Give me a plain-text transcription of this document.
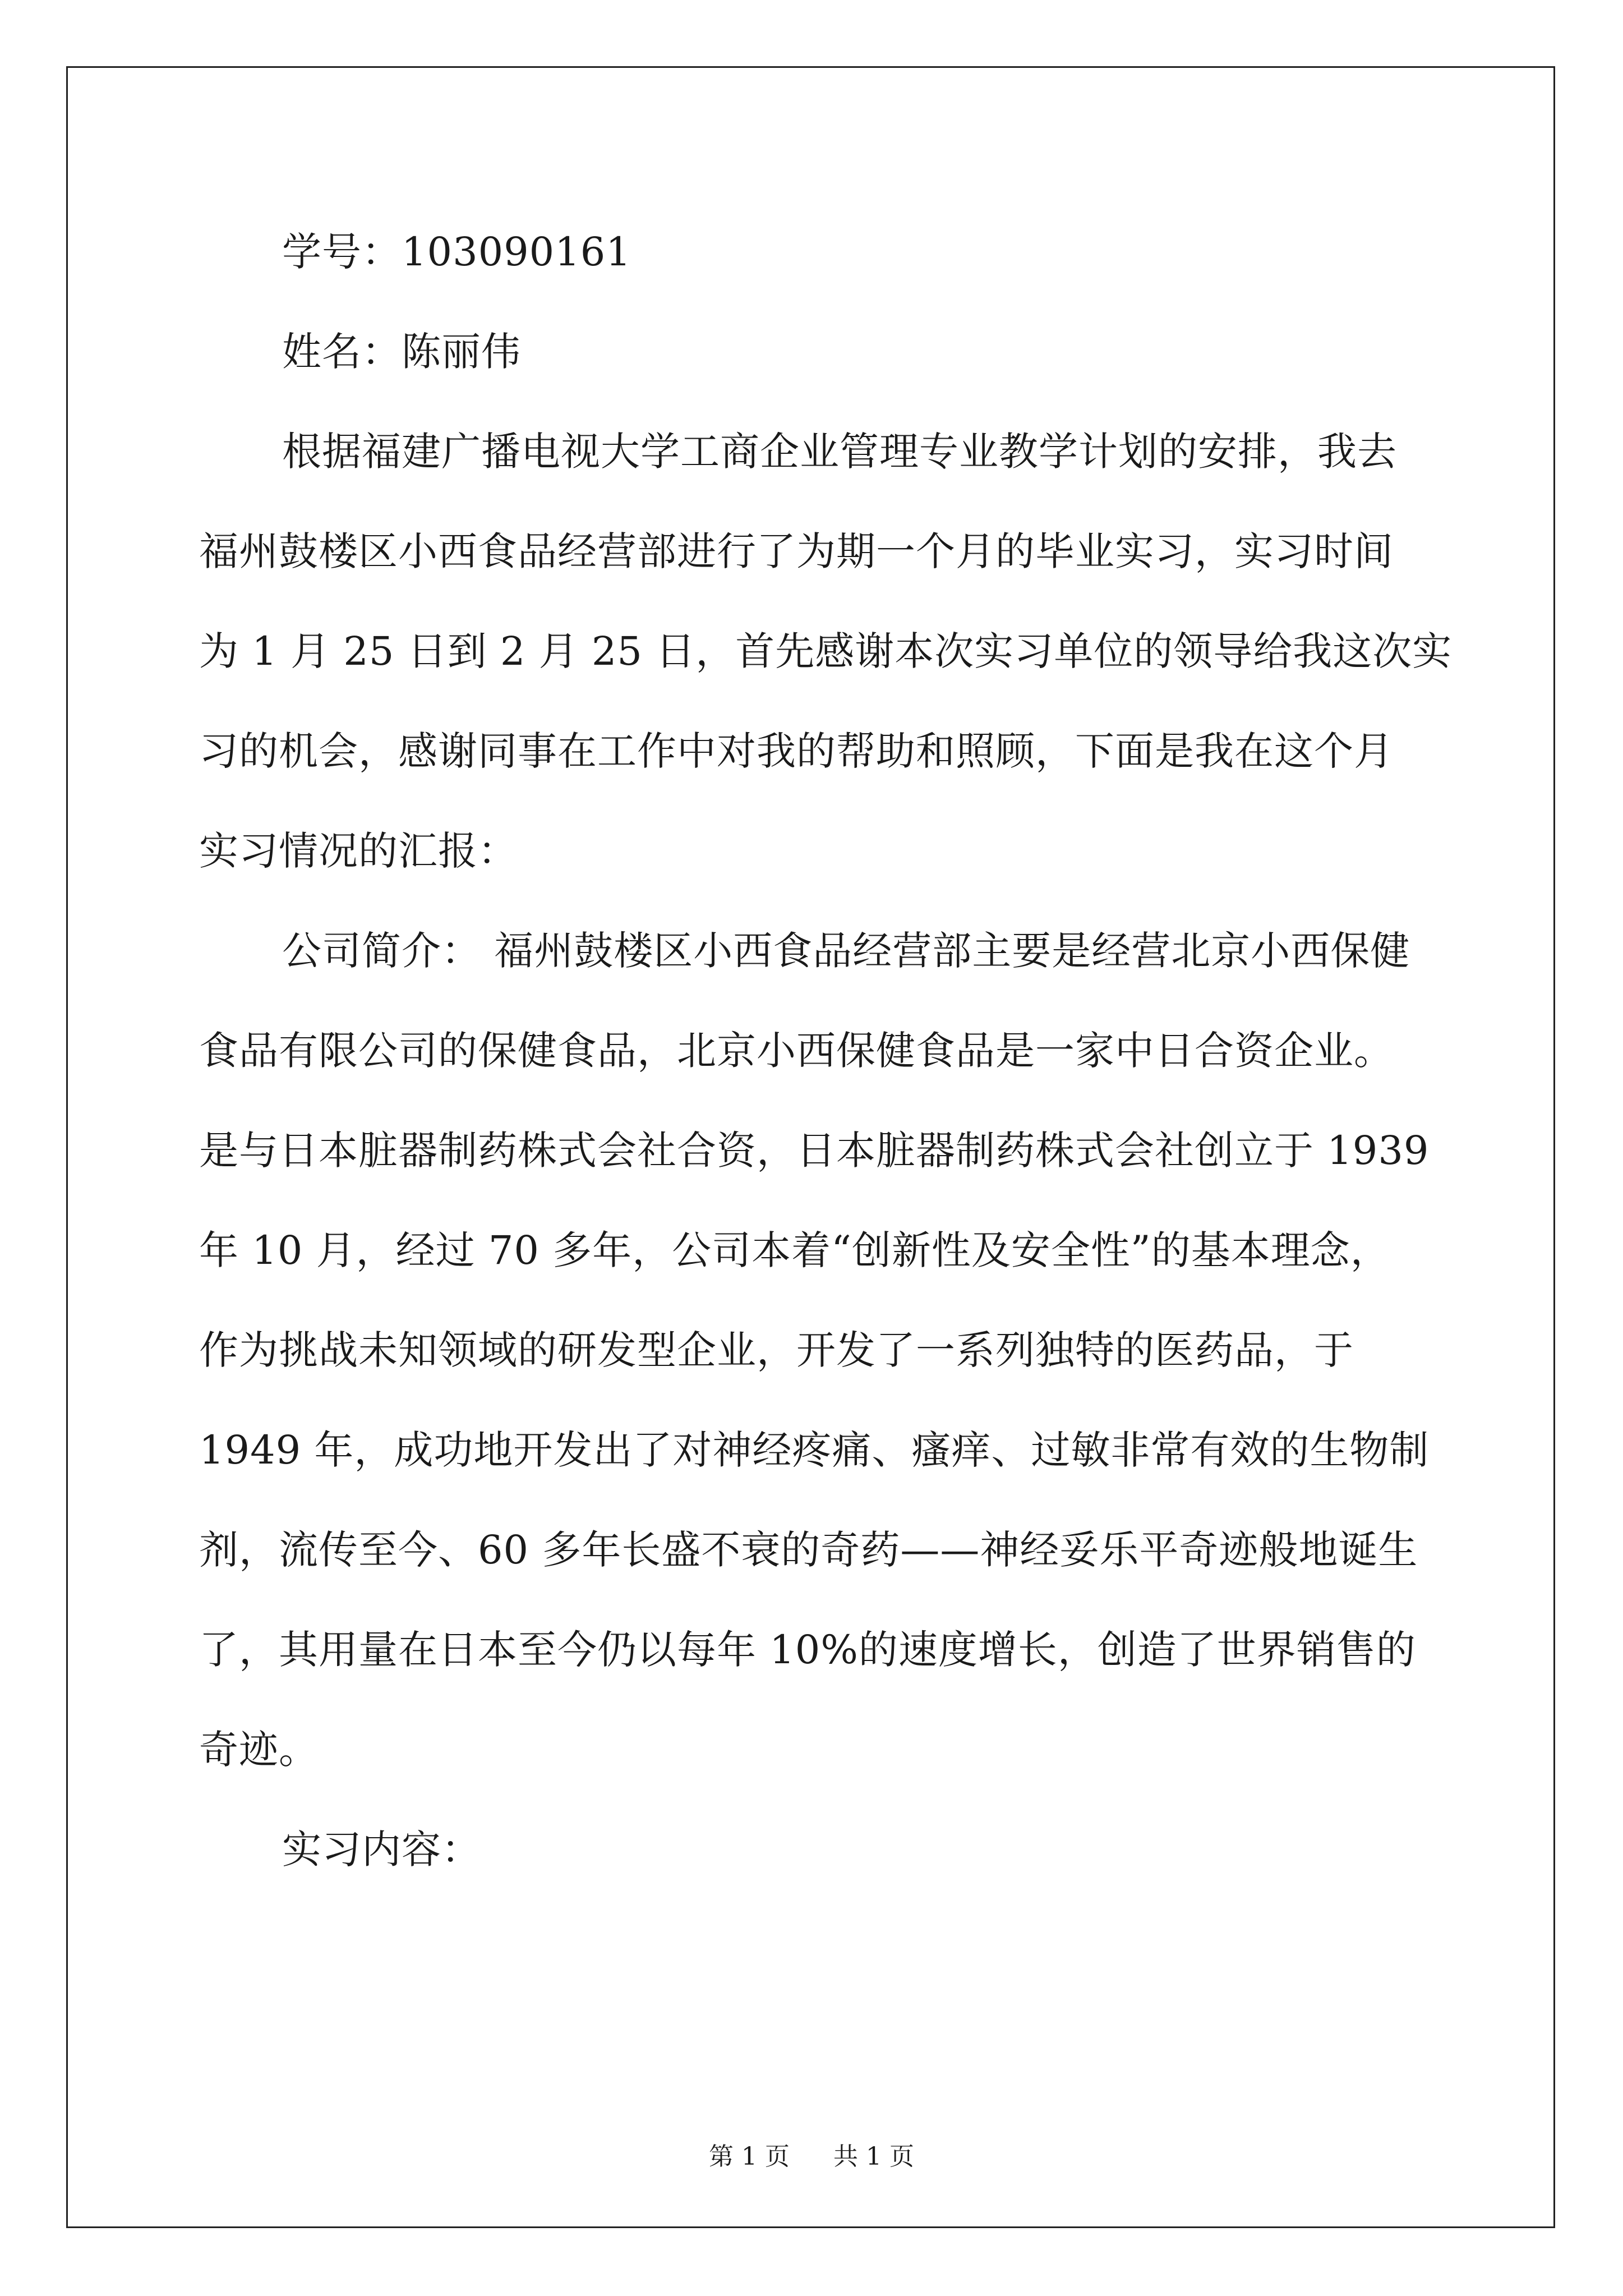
学号：103090161
姓名：陈丽伟
根据福建广播电视大学工商企业管理专业教学计划的安排，我去
福州鼓楼区小西食品经营部进行了为期一个月的毕业实习，实习时间
为 1 月 25 日到 2 月 25 日，首先感谢本次实习单位的领导给我这次实
习的机会，感谢同事在工作中对我的帮助和照顾，下面是我在这个月
实习情况的汇报：
公司简介： 福州鼓楼区小西食品经营部主要是经营北京小西保健
食品有限公司的保健食品，北京小西保健食品是一家中日合资企业。
是与日本脏器制药株式会社合资，日本脏器制药株式会社创立于 1939
年 10 月，经过 70 多年，公司本着“创新性及安全性”的基本理念，
作为挑战未知领域的研发型企业，开发了一系列独特的医药品，于
1949 年，成功地开发出了对神经疼痛、瘙痒、过敏非常有效的生物制
剂，流传至今、60 多年长盛不衰的奇药——神经妥乐平奇迹般地诞生
了，其用量在日本至今仍以每年 10%的速度增长，创造了世界销售的
奇迹。
实习内容：
第 1 页 共 1 页
